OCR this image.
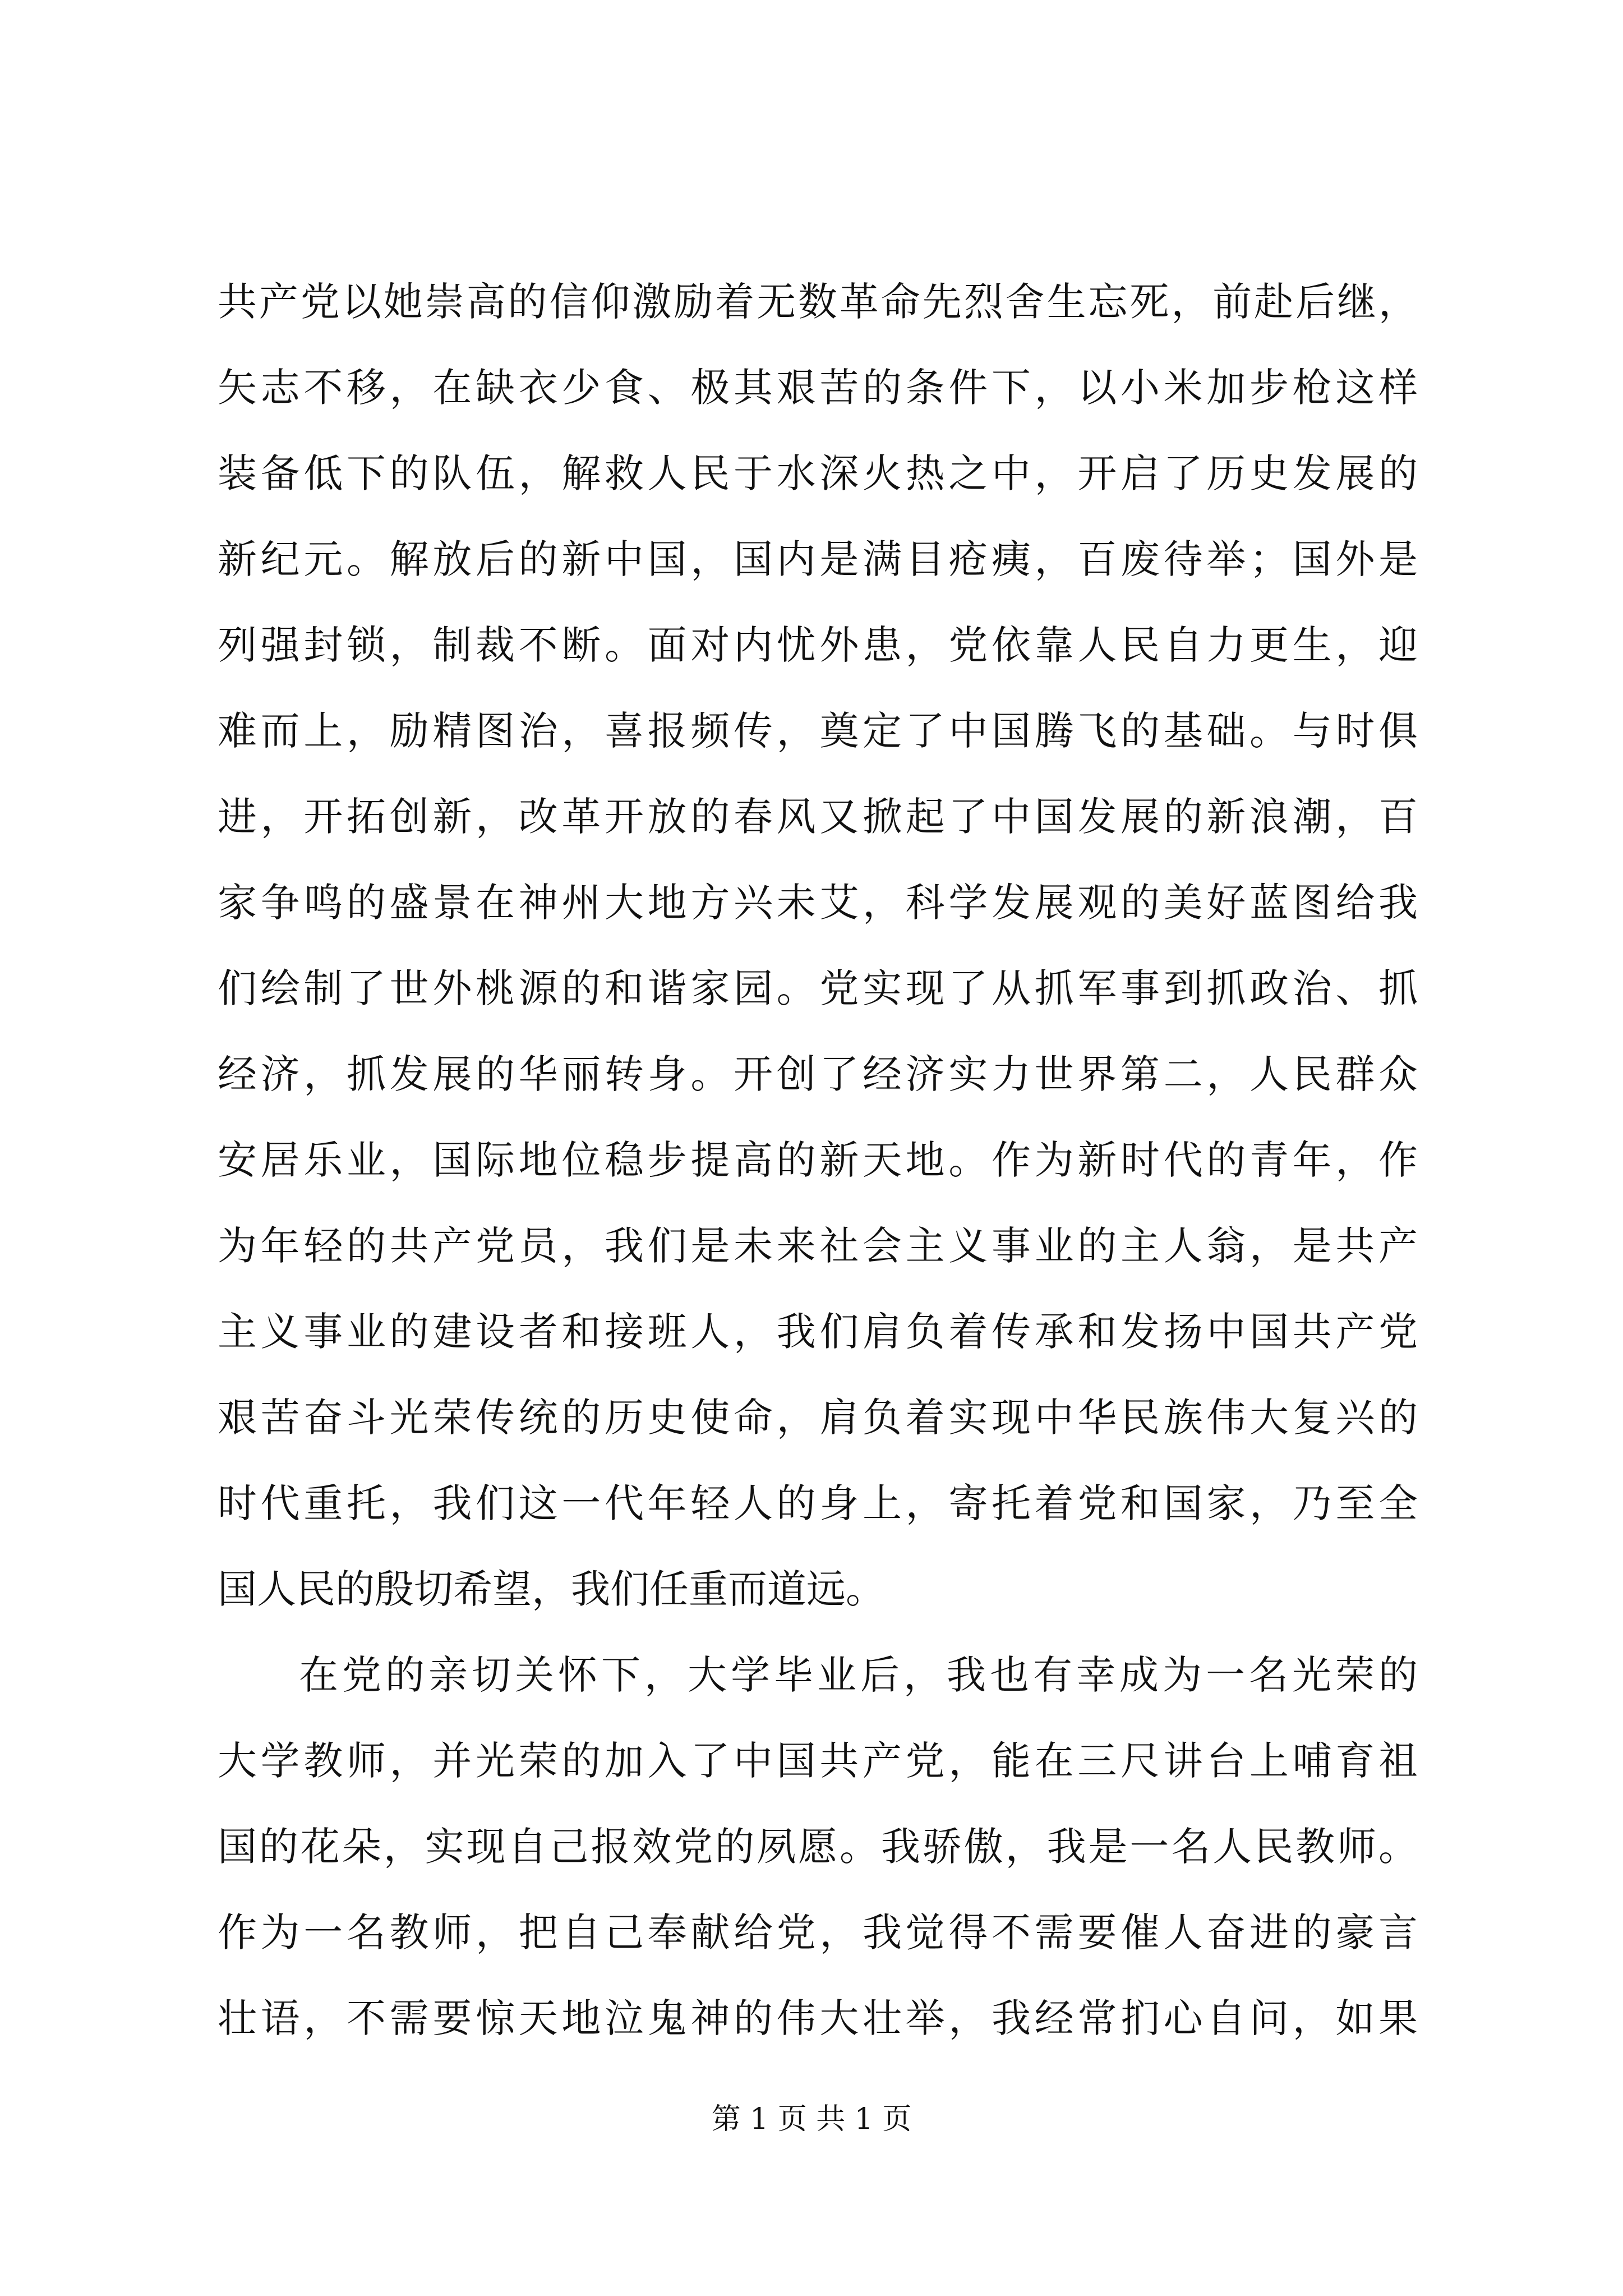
共产党以她崇高的信仰激励着无数革命先烈舍生忘死，前赴后继，
矢志不移，在缺衣少食、极其艰苦的条件下，以小米加步枪这样
装备低下的队伍，解救人民于水深火热之中，开启了历史发展的
新纪元。解放后的新中国，国内是满目疮痍，百废待举；国外是
列强封锁，制裁不断。面对内忧外患，党依靠人民自力更生，迎
难而上，励精图治，喜报频传，奠定了中国腾飞的基础。与时俱
进，开拓创新，改革开放的春风又掀起了中国发展的新浪潮，百
家争鸣的盛景在神州大地方兴未艾，科学发展观的美好蓝图给我
们绘制了世外桃源的和谐家园。党实现了从抓军事到抓政治、抓
经济，抓发展的华丽转身。开创了经济实力世界第二，人民群众
安居乐业，国际地位稳步提高的新天地。作为新时代的青年，作
为年轻的共产党员，我们是未来社会主义事业的主人翁，是共产
主义事业的建设者和接班人，我们肩负着传承和发扬中国共产党
艰苦奋斗光荣传统的历史使命，肩负着实现中华民族伟大复兴的
时代重托，我们这一代年轻人的身上，寄托着党和国家，乃至全
国人民的殷切希望，我们任重而道远。
在党的亲切关怀下，大学毕业后，我也有幸成为一名光荣的
大学教师，并光荣的加入了中国共产党，能在三尺讲台上哺育祖
国的花朵，实现自己报效党的夙愿。我骄傲，我是一名人民教师。
作为一名教师，把自己奉献给党，我觉得不需要催人奋进的豪言
壮语，不需要惊天地泣鬼神的伟大壮举，我经常扪心自问，如果
第 1 页 共 1 页
